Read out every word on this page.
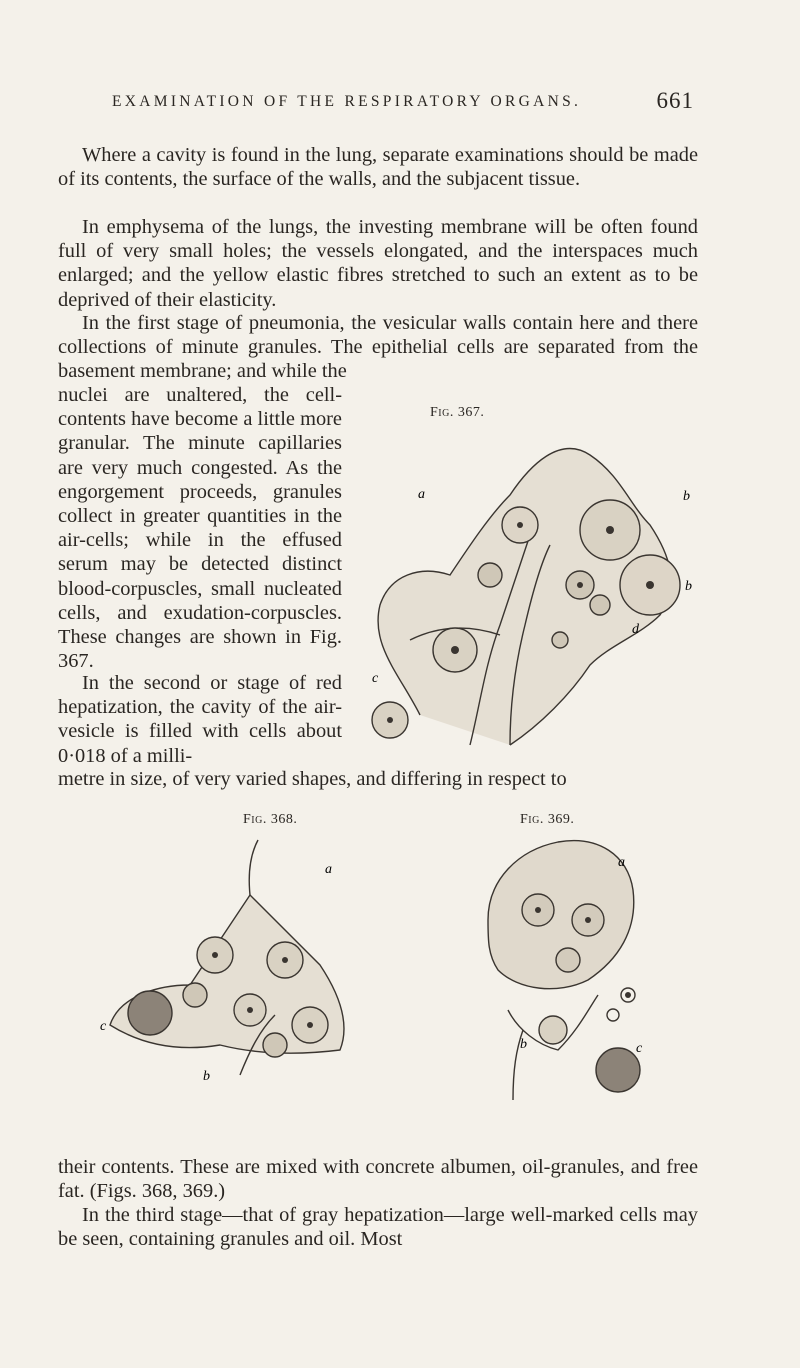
EXAMINATION OF THE RESPIRATORY ORGANS.	661
Where a cavity is found in the lung, separate examinations should be made of its contents, the surface of the walls, and the subjacent tissue.
In emphysema of the lungs, the investing membrane will be often found full of very small holes; the vessels elongated, and the interspaces much enlarged; and the yellow elastic fibres stretched to such an extent as to be deprived of their elasticity.
In the first stage of pneumonia, the vesicular walls contain here and there collections of minute granules. The epithelial cells are separated from the basement membrane; and while the
nuclei are unaltered, the cell-contents have become a little more granular. The minute capillaries are very much congested. As the engorgement proceeds, granules collect in greater quantities in the air-cells; while in the effused serum may be detected distinct blood-corpuscles, small nucleated cells, and exudation-corpuscles. These changes are shown in Fig. 367.
In the second or stage of red hepatization, the cavity of the air-vesicle is filled with cells about 0·018 of a milli-
metre in size, of very varied shapes, and differing in respect to
Fig. 367.
a	b
b
c
d
Fig. 368.
a
b
c
Fig. 369.
a
b	c
their contents. These are mixed with concrete albumen, oil-granules, and free fat. (Figs. 368, 369.)
In the third stage—that of gray hepatization—large well-marked cells may be seen, containing granules and oil. Most
